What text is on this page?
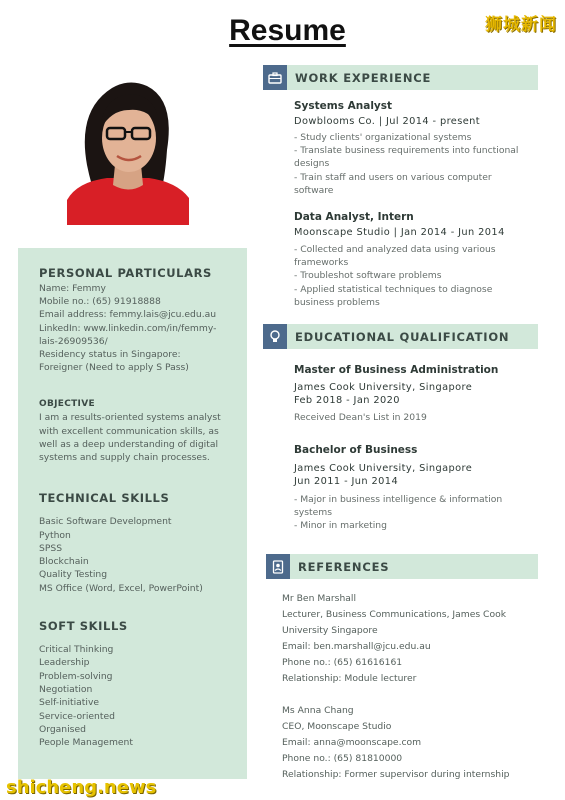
Resume	狮城新闻
PERSONAL PARTICULARS
Name: Femmy
Mobile no.: (65) 91918888
Email address: femmy.lais@jcu.edu.au
LinkedIn: www.linkedin.com/in/femmy-
lais-26909536/
Residency status in Singapore:
Foreigner (Need to apply S Pass)
OBJECTIVE
I am a results-oriented systems analyst
with excellent communication skills, as
well as a deep understanding of digital
systems and supply chain processes.
TECHNICAL SKILLS
Basic Software Development
Python
SPSS
Blockchain
Quality Testing
MS Office (Word, Excel, PowerPoint)
SOFT SKILLS
Critical Thinking
Leadership
Problem-solving
Negotiation
Self-initiative
Service-oriented
Organised
People Management
WORK EXPERIENCE
Systems Analyst
Dowblooms Co. | Jul 2014 - present
- Study clients' organizational systems
- Translate business requirements into functional
designs
- Train staff and users on various computer
software
Data Analyst, Intern
Moonscape Studio | Jan 2014 - Jun 2014
- Collected and analyzed data using various
frameworks
- Troubleshot software problems
- Applied statistical techniques to diagnose
business problems
EDUCATIONAL QUALIFICATION
Master of Business Administration
James Cook University, Singapore
Feb 2018 - Jan 2020
Received Dean's List in 2019
Bachelor of Business
James Cook University, Singapore
Jun 2011 - Jun 2014
- Major in business intelligence & information
systems
- Minor in marketing
REFERENCES
Mr Ben Marshall
Lecturer, Business Communications, James Cook
University Singapore
Email: ben.marshall@jcu.edu.au
Phone no.: (65) 61616161
Relationship: Module lecturer
Ms Anna Chang
CEO, Moonscape Studio
Email: anna@moonscape.com
Phone no.: (65) 81810000
Relationship: Former supervisor during internship
shicheng.news
